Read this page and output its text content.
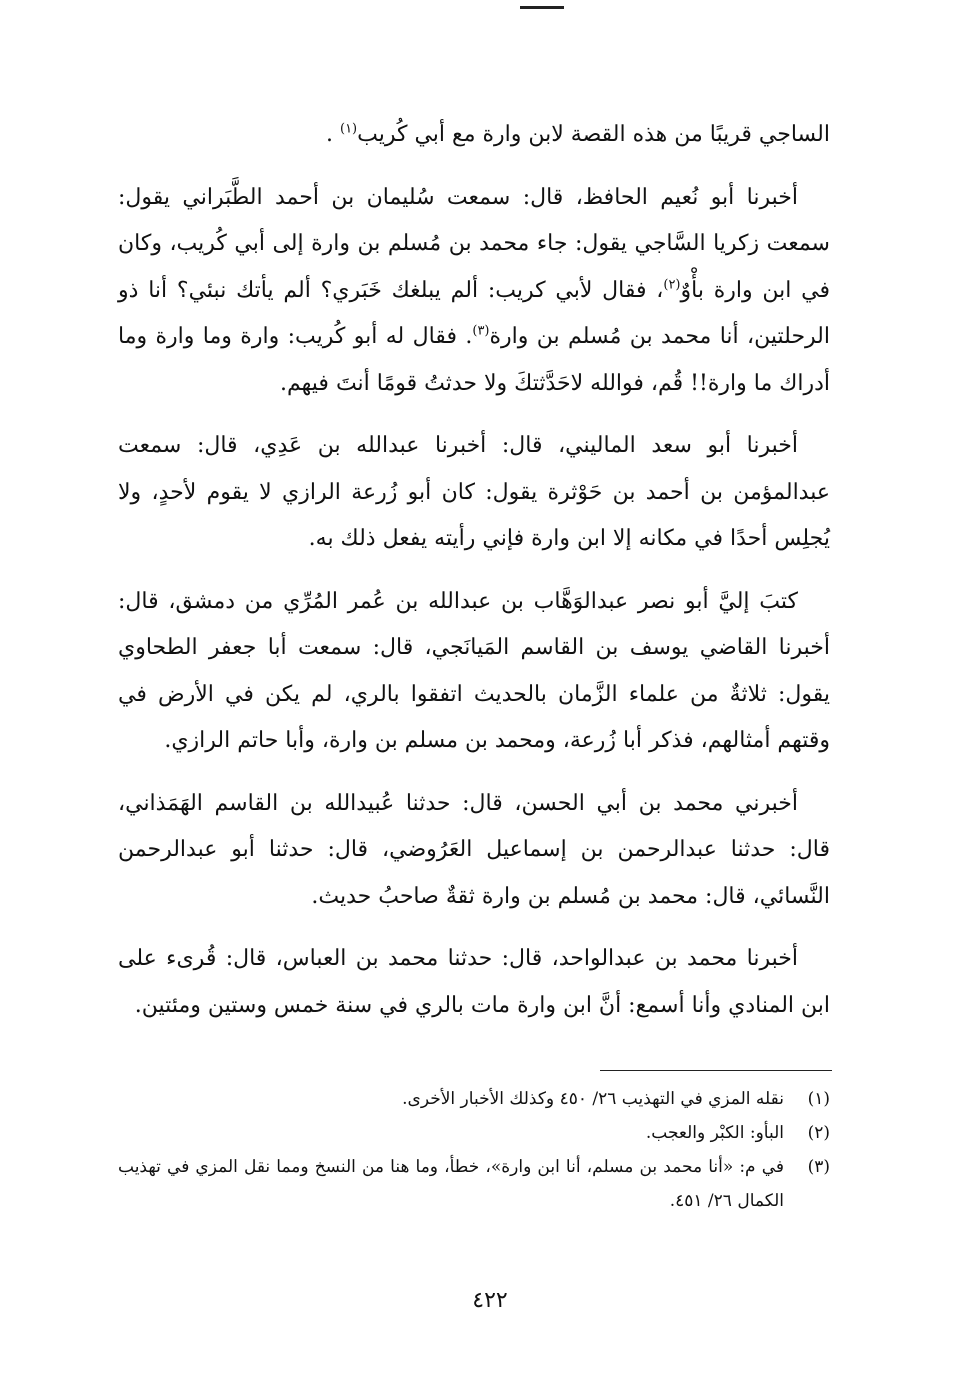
الساجي قريبًا من هذه القصة لابن وارة مع أبي كُريب$^{(١)}$ .

أخبرنا أبو نُعيم الحافظ، قال: سمعت سُليمان بن أحمد الطَّبَراني يقول: سمعت زكريا السَّاجي يقول: جاء محمد بن مُسلم بن وارة إلى أبي كُريب، وكان في ابن وارة بأْوٌ$^{(٢)}$، فقال لأبي كريب: ألم يبلغك خَبَري؟ ألم يأتك نبئي؟ أنا ذو الرحلتين، أنا محمد بن مُسلم بن وارة$^{(٣)}$. فقال له أبو كُريب: وارة وما وارة وما أدراك ما وارة!! قُم، فوالله لاحَدَّثتكَ ولا حدثتُ قومًا أنتَ فيهم.

أخبرنا أبو سعد الماليني، قال: أخبرنا عبدالله بن عَدِي، قال: سمعت عبدالمؤمن بن أحمد بن حَوْثرة يقول: كان أبو زُرعة الرازي لا يقوم لأحدٍ، ولا يُجلِس أحدًا في مكانه إلا ابن وارة فإني رأيته يفعل ذلك به.

كتبَ إليَّ أبو نصر عبدالوَهَّاب بن عبدالله بن عُمر المُرِّي من دمشق، قال: أخبرنا القاضي يوسف بن القاسم المَيانَجي، قال: سمعت أبا جعفر الطحاوي يقول: ثلاثةٌ من علماء الزَّمان بالحديث اتفقوا بالري، لم يكن في الأرض في وقتهم أمثالهم، فذكر أبا زُرعة، ومحمد بن مسلم بن وارة، وأبا حاتم الرازي.

أخبرني محمد بن أبي الحسن، قال: حدثنا عُبيدالله بن القاسم الهَمَذاني، قال: حدثنا عبدالرحمن بن إسماعيل العَرُوضي، قال: حدثنا أبو عبدالرحمن النَّسائي، قال: محمد بن مُسلم بن وارة ثقةٌ صاحبُ حديث.

أخبرنا محمد بن عبدالواحد، قال: حدثنا محمد بن العباس، قال: قُرىء على ابن المنادي وأنا أسمع: أنَّ ابن وارة مات بالري في سنة خمس وستين ومئتين.

(١)
نقله المزي في التهذيب ٢٦/ ٤٥٠ وكذلك الأخبار الأخرى.
(٢)
البأو: الكبْر والعجب.
(٣)
في م: «أنا محمد بن مسلم، أنا ابن وارة»، خطأ، وما هنا من النسخ ومما نقل المزي في تهذيب الكمال ٢٦/ ٤٥١.
٤٢٢
